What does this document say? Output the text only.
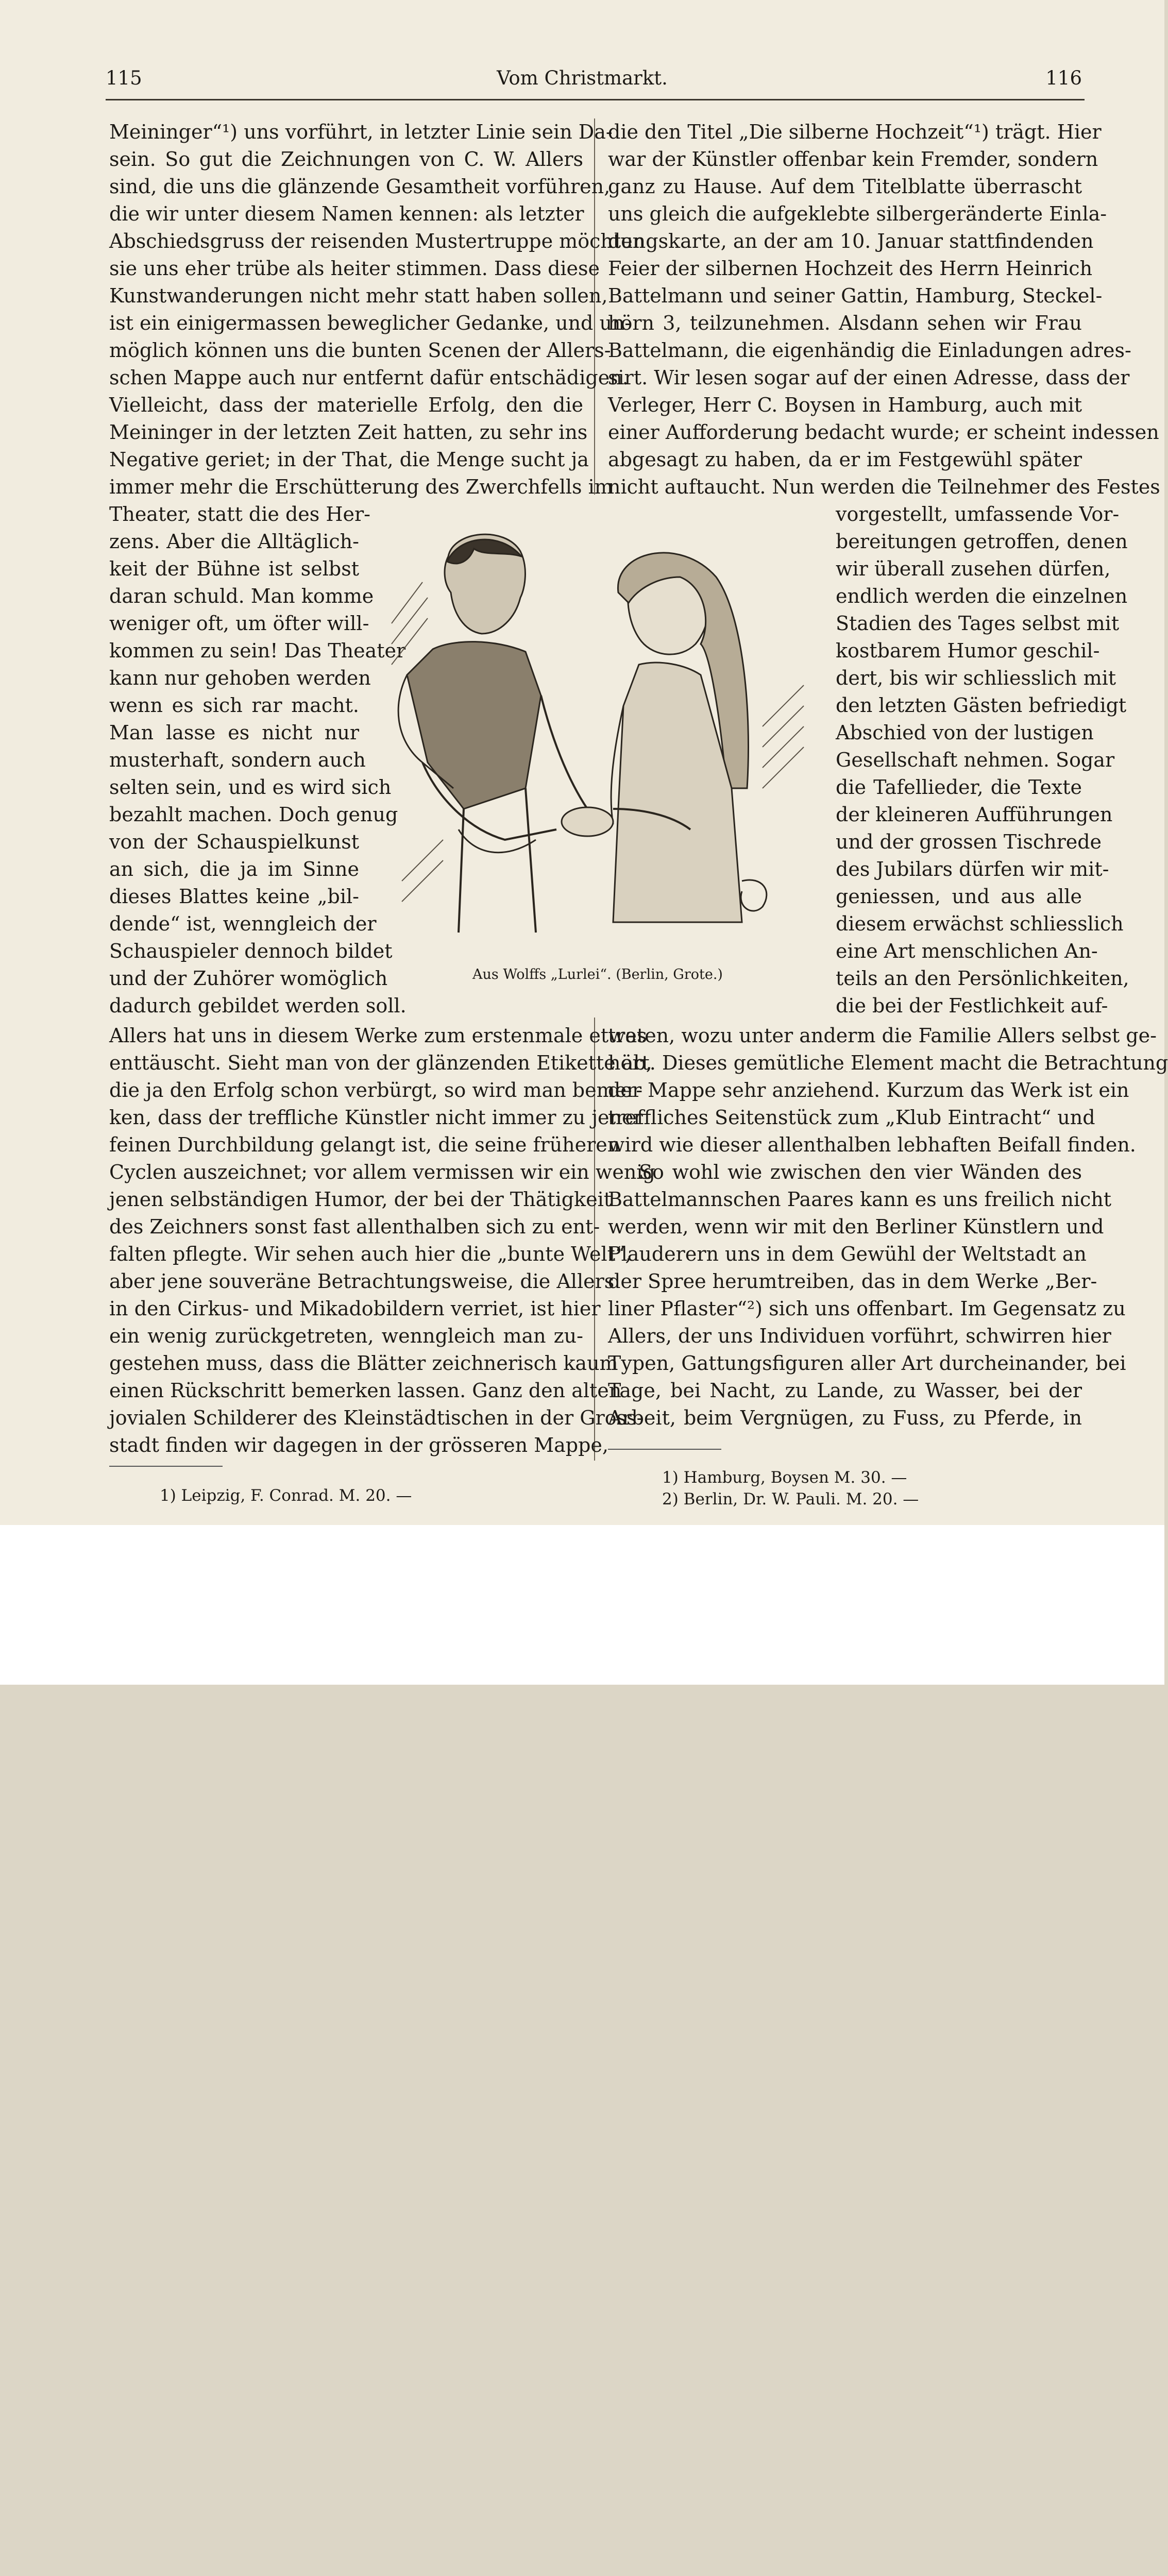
115	Vom Christmarkt.	116
Meininger“¹) uns vorführt, in letzter Linie sein Da-
sein. So gut die Zeichnungen von C. W. Allers
sind, die uns die glänzende Gesamtheit vorführen,
die wir unter diesem Namen kennen: als letzter
Abschiedsgruss der reisenden Mustertruppe möchten
sie uns eher trübe als heiter stimmen. Dass diese
Kunstwanderungen nicht mehr statt haben sollen,
ist ein einigermassen beweglicher Gedanke, und un-
möglich können uns die bunten Scenen der Allers-
schen Mappe auch nur entfernt dafür entschädigen.
Vielleicht, dass der materielle Erfolg, den die
Meininger in der letzten Zeit hatten, zu sehr ins
Negative geriet; in der That, die Menge sucht ja
immer mehr die Erschütterung des Zwerchfells im
Theater, statt die des Her-
zens. Aber die Alltäglich-
keit der Bühne ist selbst
daran schuld. Man komme
weniger oft, um öfter will-
kommen zu sein! Das Theater
kann nur gehoben werden
wenn es sich rar macht.
Man lasse es nicht nur
musterhaft, sondern auch
selten sein, und es wird sich
bezahlt machen. Doch genug
von der Schauspielkunst
an sich, die ja im Sinne
dieses Blattes keine „bil-
dende“ ist, wenngleich der
Schauspieler dennoch bildet
und der Zuhörer womöglich
dadurch gebildet werden soll.
Allers hat uns in diesem Werke zum erstenmale etwas
enttäuscht. Sieht man von der glänzenden Etikette ab,
die ja den Erfolg schon verbürgt, so wird man bemer-
ken, dass der treffliche Künstler nicht immer zu jener
feinen Durchbildung gelangt ist, die seine früheren
Cyclen auszeichnet; vor allem vermissen wir ein wenig
jenen selbständigen Humor, der bei der Thätigkeit
des Zeichners sonst fast allenthalben sich zu ent-
falten pflegte. Wir sehen auch hier die „bunte Welt“,
aber jene souveräne Betrachtungsweise, die Allers
in den Cirkus- und Mikadobildern verriet, ist hier
ein wenig zurückgetreten, wenngleich man zu-
gestehen muss, dass die Blätter zeichnerisch kaum
einen Rückschritt bemerken lassen. Ganz den alten
jovialen Schilderer des Kleinstädtischen in der Gross-
stadt finden wir dagegen in der grösseren Mappe,
die den Titel „Die silberne Hochzeit“¹) trägt. Hier
war der Künstler offenbar kein Fremder, sondern
ganz zu Hause. Auf dem Titelblatte überrascht
uns gleich die aufgeklebte silbergeränderte Einla-
dungskarte, an der am 10. Januar stattfindenden
Feier der silbernen Hochzeit des Herrn Heinrich
Battelmann und seiner Gattin, Hamburg, Steckel-
hörn 3, teilzunehmen. Alsdann sehen wir Frau
Battelmann, die eigenhändig die Einladungen adres-
sirt. Wir lesen sogar auf der einen Adresse, dass der
Verleger, Herr C. Boysen in Hamburg, auch mit
einer Aufforderung bedacht wurde; er scheint indessen
abgesagt zu haben, da er im Festgewühl später
nicht auftaucht. Nun werden die Teilnehmer des Festes
vorgestellt, umfassende Vor-
bereitungen getroffen, denen
wir überall zusehen dürfen,
endlich werden die einzelnen
Stadien des Tages selbst mit
kostbarem Humor geschil-
dert, bis wir schliesslich mit
den letzten Gästen befriedigt
Abschied von der lustigen
Gesellschaft nehmen. Sogar
die Tafellieder, die Texte
der kleineren Aufführungen
und der grossen Tischrede
des Jubilars dürfen wir mit-
geniessen, und aus alle
diesem erwächst schliesslich
eine Art menschlichen An-
teils an den Persönlichkeiten,
die bei der Festlichkeit auf-
treten, wozu unter anderm die Familie Allers selbst ge-
hört. Dieses gemütliche Element macht die Betrachtung
der Mappe sehr anziehend. Kurzum das Werk ist ein
treffliches Seitenstück zum „Klub Eintracht“ und
wird wie dieser allenthalben lebhaften Beifall finden.
So wohl wie zwischen den vier Wänden des
Battelmannschen Paares kann es uns freilich nicht
werden, wenn wir mit den Berliner Künstlern und
Plauderern uns in dem Gewühl der Weltstadt an
der Spree herumtreiben, das in dem Werke „Ber-
liner Pflaster“²) sich uns offenbart. Im Gegensatz zu
Allers, der uns Individuen vorführt, schwirren hier
Typen, Gattungsfiguren aller Art durcheinander, bei
Tage, bei Nacht, zu Lande, zu Wasser, bei der
Arbeit, beim Vergnügen, zu Fuss, zu Pferde, in
Aus Wolffs „Lurlei“. (Berlin, Grote.)
1) Leipzig, F. Conrad. M. 20. —
1) Hamburg, Boysen M. 30. —
2) Berlin, Dr. W. Pauli. M. 20. —
